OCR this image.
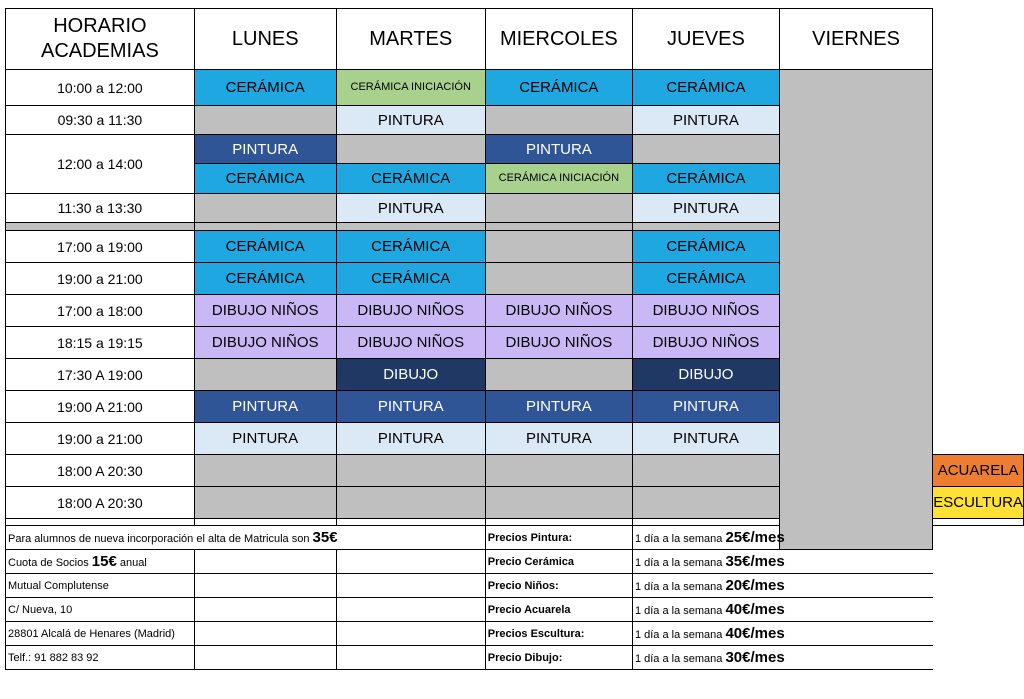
HORARIO ACADEMIAS	LUNES	MARTES	MIERCOLES	JUEVES	VIERNES	
10:00 a 12:00	CERÁMICA	CERÁMICA INICIACIÓN	CERÁMICA	CERÁMICA		
09:30 a 11:30		PINTURA		PINTURA		
12:00 a 14:00	PINTURA		PINTURA			
	CERÁMICA	CERÁMICA	CERÁMICA INICIACIÓN	CERÁMICA		
11:30 a 13:30		PINTURA		PINTURA		

17:00 a 19:00	CERÁMICA	CERÁMICA		CERÁMICA		
19:00 a 21:00	CERÁMICA	CERÁMICA		CERÁMICA		
17:00 a 18:00	DIBUJO NIÑOS	DIBUJO NIÑOS	DIBUJO NIÑOS	DIBUJO NIÑOS		
18:15 a 19:15	DIBUJO NIÑOS	DIBUJO NIÑOS	DIBUJO NIÑOS	DIBUJO NIÑOS		
17:30 A 19:00		DIBUJO		DIBUJO		
19:00 A 21:00	PINTURA	PINTURA	PINTURA	PINTURA		
19:00 a 21:00	PINTURA	PINTURA	PINTURA	PINTURA		
18:00 A 20:30						ACUARELA
18:00 A 20:30						ESCULTURA

Para alumnos de nueva incorporación el alta de Matricula son 35€			Precios Pintura:	1 día a la semana 25€/mes		
Cuota de Socios 15€ anual			Precio Cerámica	1 día a la semana 35€/mes		
Mutual Complutense			Precio Niños:	1 día a la semana 20€/mes		
C/ Nueva, 10			Precio Acuarela	1 día a la semana 40€/mes		
28801 Alcalá de Henares (Madrid)			Precios Escultura:	1 día a la semana 40€/mes		
Telf.: 91 882 83 92			Precio Dibujo:	1 día a la semana 30€/mes		
